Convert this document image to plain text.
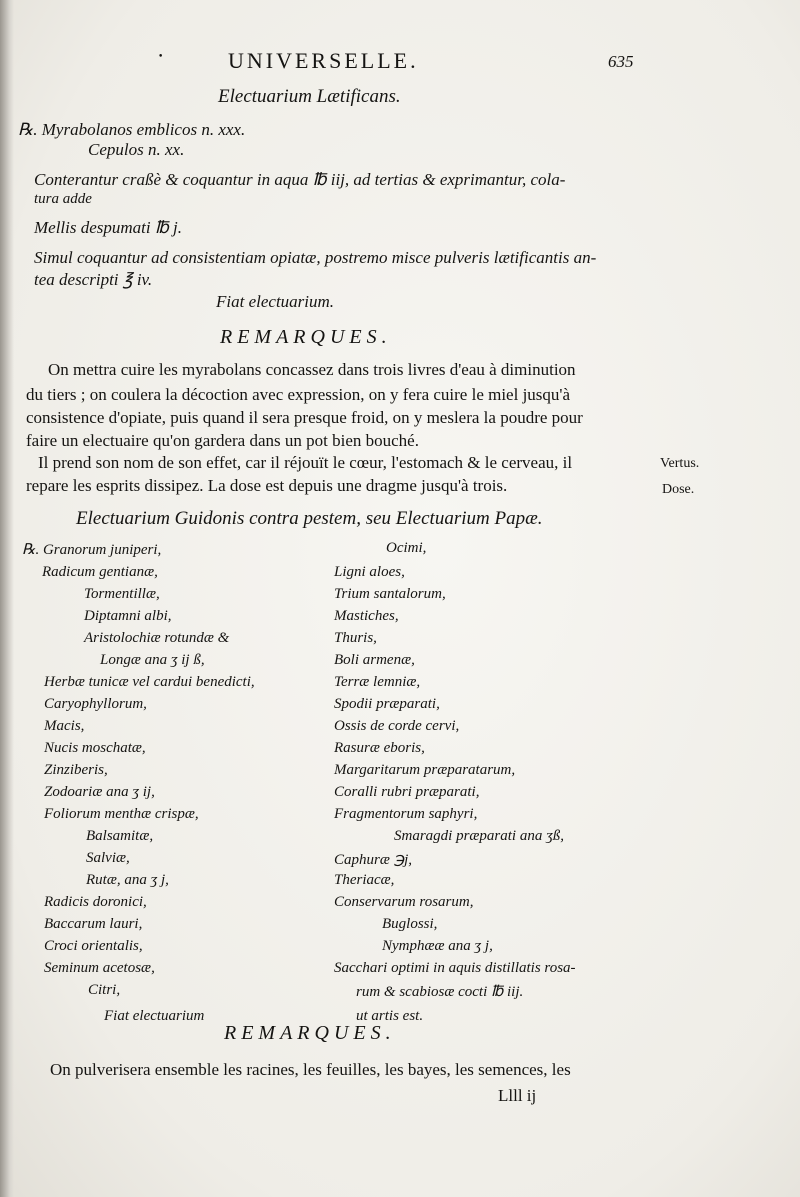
•	UNIVERSELLE.	635
Electuarium Lætificans.
℞. Myrabolanos emblicos n. xxx.
Cepulos n. xx.
Conterantur craßè & coquantur in aqua ℔ iij, ad tertias & exprimantur, cola-
tura adde
Mellis despumati ℔ j.
Simul coquantur ad consistentiam opiatæ, postremo misce pulveris lætificantis an-
tea descripti ℥ iv.
Fiat electuarium.
REMARQUES.
On mettra cuire les myrabolans concassez dans trois livres d'eau à diminution
du tiers ; on coulera la décoction avec expression, on y fera cuire le miel jusqu'à
consistence d'opiate, puis quand il sera presque froid, on y meslera la poudre pour
faire un electuaire qu'on gardera dans un pot bien bouché.
Il prend son nom de son effet, car il réjouït le cœur, l'estomach & le cerveau, il
repare les esprits dissipez. La dose est depuis une dragme jusqu'à trois.
Vertus.
Dose.
Electuarium Guidonis contra pestem, seu Electuarium Papæ.
℞. Granorum juniperi,
Radicum gentianæ,
Tormentillæ,
Diptamni albi,
Aristolochiæ rotundæ &
Longæ ana ʒ ij ß,
Herbæ tunicæ vel cardui benedicti,
Caryophyllorum,
Macis,
Nucis moschatæ,
Zinziberis,
Zodoariæ ana ʒ ij,
Foliorum menthæ crispæ,
Balsamitæ,
Salviæ,
Rutæ, ana ʒ j,
Radicis doronici,
Baccarum lauri,
Croci orientalis,
Seminum acetosæ,
Citri,
Fiat electuarium
Ocimi,
Ligni aloes,
Trium santalorum,
Mastiches,
Thuris,
Boli armenæ,
Terræ lemniæ,
Spodii præparati,
Ossis de corde cervi,
Rasuræ eboris,
Margaritarum præparatarum,
Coralli rubri præparati,
Fragmentorum saphyri,
Smaragdi præparati ana ʒß,
Caphuræ ℈j,
Theriacæ,
Conservarum rosarum,
Buglossi,
Nymphææ ana ʒ j,
Sacchari optimi in aquis distillatis rosa-
rum & scabiosæ cocti ℔ iij.
ut artis est.
REMARQUES.
On pulverisera ensemble les racines, les feuilles, les bayes, les semences, les
Llll ij
